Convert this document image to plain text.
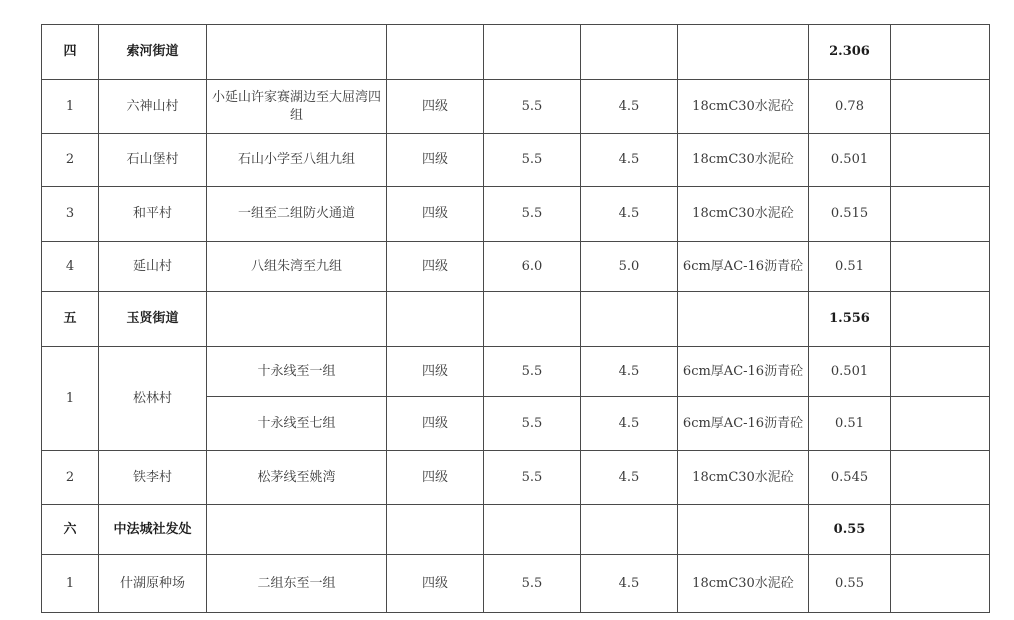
四	索河街道						2.306	
1	六神山村	小延山许家赛湖边至大屈湾四组	四级	5.5	4.5	18cmC30水泥砼	0.78	
2	石山堡村	石山小学至八组九组	四级	5.5	4.5	18cmC30水泥砼	0.501	
3	和平村	一组至二组防火通道	四级	5.5	4.5	18cmC30水泥砼	0.515	
4	延山村	八组朱湾至九组	四级	6.0	5.0	6cm厚AC-16沥青砼	0.51	
五	玉贤街道						1.556	
1	松林村	十永线至一组	四级	5.5	4.5	6cm厚AC-16沥青砼	0.501	
		十永线至七组	四级	5.5	4.5	6cm厚AC-16沥青砼	0.51	
2	铁李村	松茅线至姚湾	四级	5.5	4.5	18cmC30水泥砼	0.545	
六	中法城社发处						0.55	
1	什湖原种场	二组东至一组	四级	5.5	4.5	18cmC30水泥砼	0.55	
